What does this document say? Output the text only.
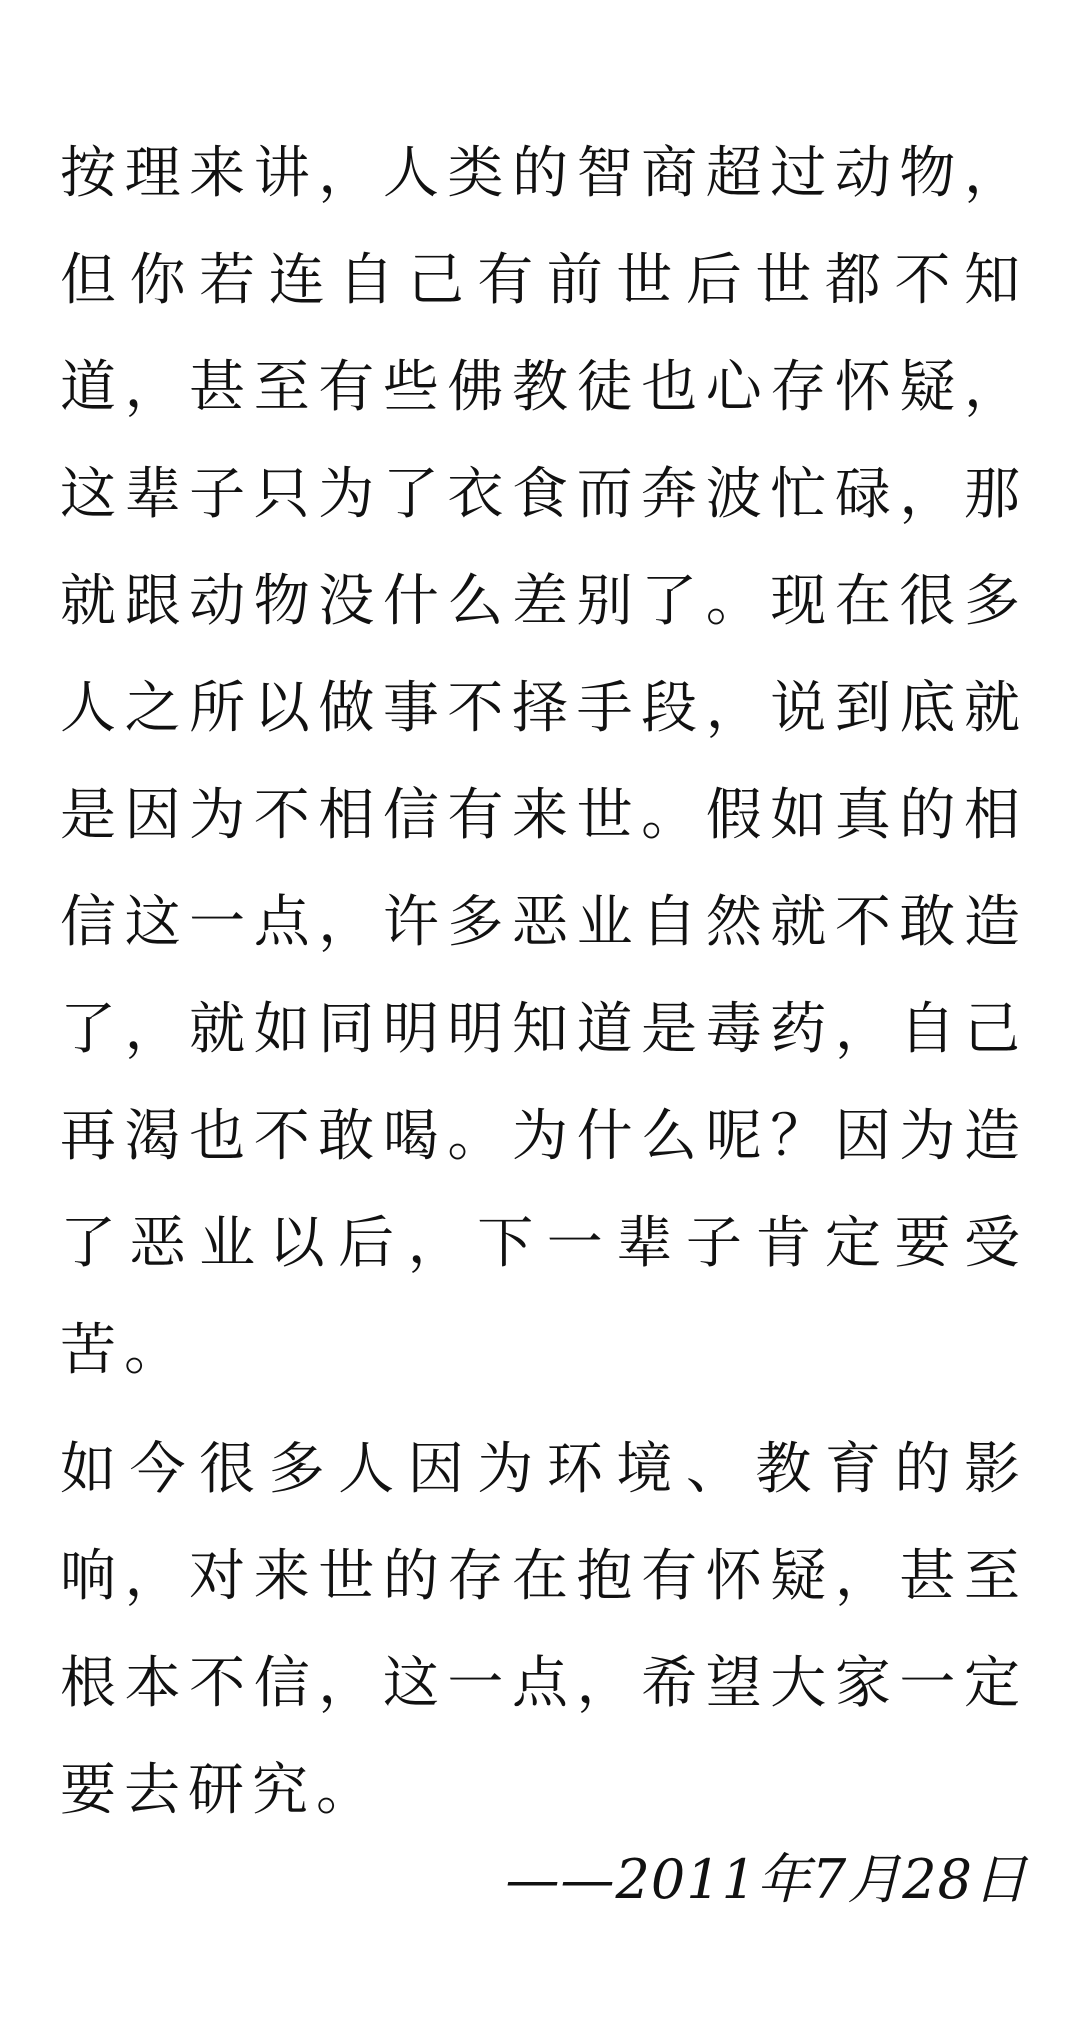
按理来讲，人类的智商超过动物，但你若连自己有前世后世都不知道，甚至有些佛教徒也心存怀疑，这辈子只为了衣食而奔波忙碌，那就跟动物没什么差别了。现在很多人之所以做事不择手段，说到底就是因为不相信有来世。假如真的相信这一点，许多恶业自然就不敢造了，就如同明明知道是毒药，自己再渴也不敢喝。为什么呢？因为造了恶业以后，下一辈子肯定要受苦。

如今很多人因为环境、教育的影响，对来世的存在抱有怀疑，甚至根本不信，这一点，希望大家一定要去研究。

——2011年7月28日
